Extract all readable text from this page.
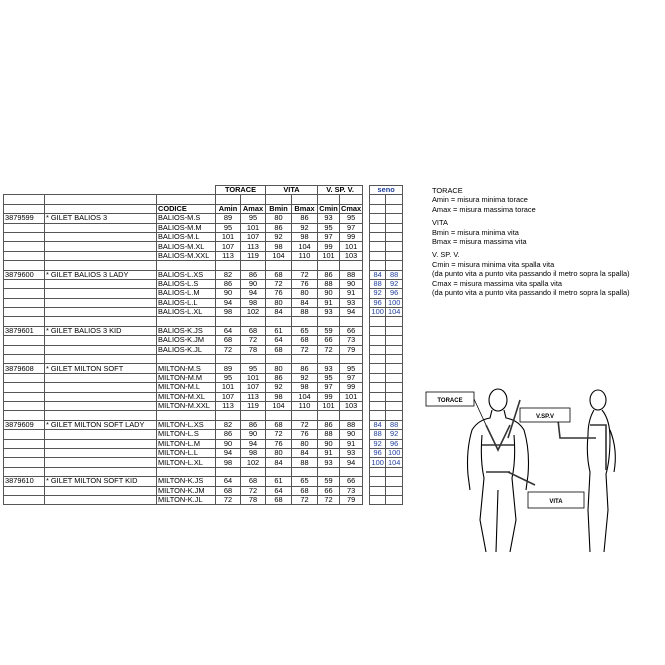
			TORACE		VITA		V. SP. V.			seno	

		CODICE	Amin	Amax	Bmin	Bmax	Cmin	Cmax			
3879599	* GILET BALIOS 3	BALIOS-M.S	89	95	80	86	93	95			
		BALIOS-M.M	95	101	86	92	95	97			
		BALIOS-M.L	101	107	92	98	97	99			
		BALIOS-M.XL	107	113	98	104	99	101			
		BALIOS-M.XXL	113	119	104	110	101	103			

3879600	* GILET BALIOS 3 LADY	BALIOS-L.XS	82	86	68	72	86	88		84	88
		BALIOS-L.S	86	90	72	76	88	90		88	92
		BALIOS-L.M	90	94	76	80	90	91		92	96
		BALIOS-L.L	94	98	80	84	91	93		96	100
		BALIOS-L.XL	98	102	84	88	93	94		100	104

3879601	* GILET BALIOS 3 KID	BALIOS-K.JS	64	68	61	65	59	66			
		BALIOS-K.JM	68	72	64	68	66	73			
		BALIOS-K.JL	72	78	68	72	72	79			

3879608	* GILET MILTON SOFT	MILTON-M.S	89	95	80	86	93	95			
		MILTON-M.M	95	101	86	92	95	97			
		MILTON-M.L	101	107	92	98	97	99			
		MILTON-M.XL	107	113	98	104	99	101			
		MILTON-M.XXL	113	119	104	110	101	103			

3879609	* GILET MILTON SOFT LADY	MILTON-L.XS	82	86	68	72	86	88		84	88
		MILTON-L.S	86	90	72	76	88	90		88	92
		MILTON-L.M	90	94	76	80	90	91		92	96
		MILTON-L.L	94	98	80	84	91	93		96	100
		MILTON-L.XL	98	102	84	88	93	94		100	104

3879610	* GILET MILTON SOFT KID	MILTON-K.JS	64	68	61	65	59	66			
		MILTON-K.JM	68	72	64	68	66	73			
		MILTON-K.JL	72	78	68	72	72	79			
TORACE
Amin = misura minima torace
Amax = misura massima torace
VITA
Bmin = misura minima vita
Bmax = misura massima vita
V. SP. V.
Cmin = misura minima vita spalla vita
(da punto vita a punto vita passando il metro sopra la spalla)
Cmax = misura massima vita spalla vita
(da punto vita a punto vita passando il metro sopra la spalla)
TORACE
V.SP.V
VITA
